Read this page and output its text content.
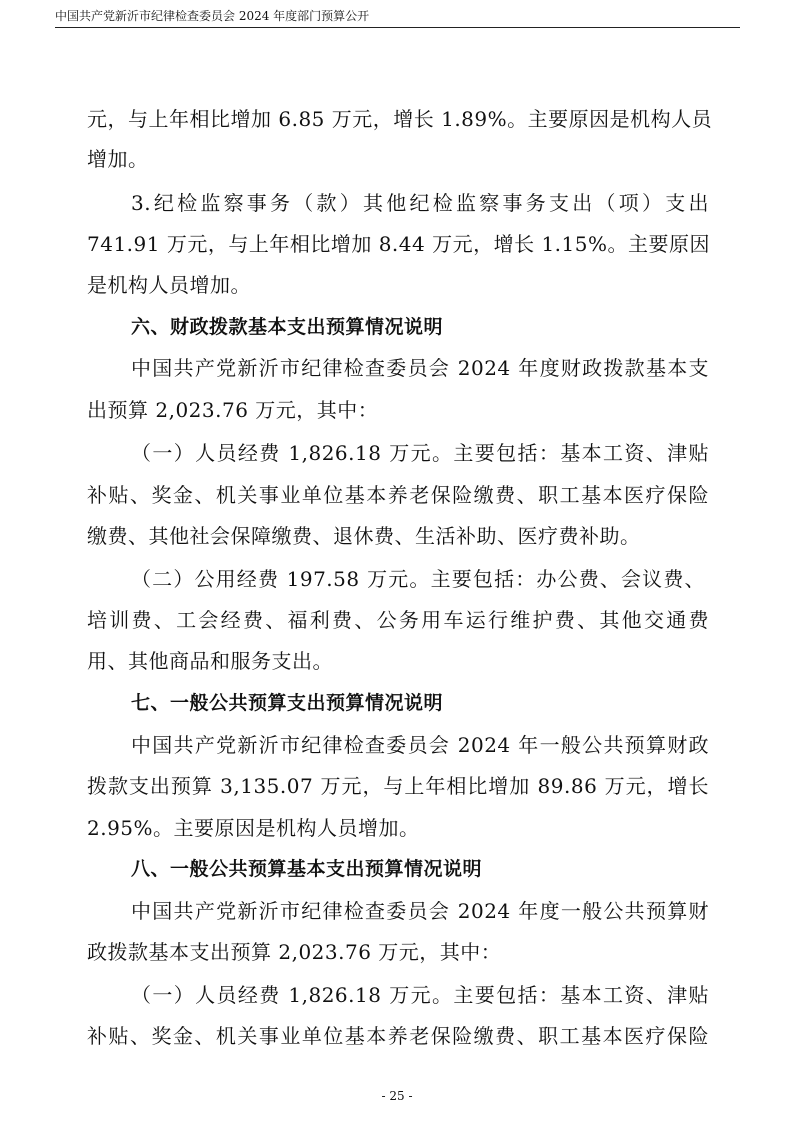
中国共产党新沂市纪律检查委员会 2024 年度部门预算公开
元，与上年相比增加 6.85 万元，增长 1.89%。主要原因是机构人员
增加。
3.纪检监察事务（款）其他纪检监察事务支出（项）支出
741.91 万元，与上年相比增加 8.44 万元，增长 1.15%。主要原因
是机构人员增加。
六、财政拨款基本支出预算情况说明
中国共产党新沂市纪律检查委员会 2024 年度财政拨款基本支
出预算 2,023.76 万元，其中：
（一）人员经费 1,826.18 万元。主要包括：基本工资、津贴
补贴、奖金、机关事业单位基本养老保险缴费、职工基本医疗保险
缴费、其他社会保障缴费、退休费、生活补助、医疗费补助。
（二）公用经费 197.58 万元。主要包括：办公费、会议费、
培训费、工会经费、福利费、公务用车运行维护费、其他交通费
用、其他商品和服务支出。
七、一般公共预算支出预算情况说明
中国共产党新沂市纪律检查委员会 2024 年一般公共预算财政
拨款支出预算 3,135.07 万元，与上年相比增加 89.86 万元，增长
2.95%。主要原因是机构人员增加。
八、一般公共预算基本支出预算情况说明
中国共产党新沂市纪律检查委员会 2024 年度一般公共预算财
政拨款基本支出预算 2,023.76 万元，其中：
（一）人员经费 1,826.18 万元。主要包括：基本工资、津贴
补贴、奖金、机关事业单位基本养老保险缴费、职工基本医疗保险
- 25 -
